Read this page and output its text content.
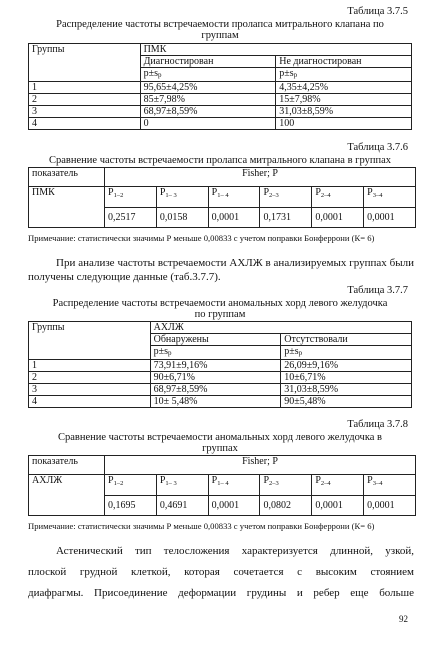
Таблица 3.7.5
Распределение частоты встречаемости пролапса митрального клапана по
группам
Группы	ПМК	
	Диагностирован	Не диагностирован
	p±sp	p±sp
1	95,65±4,25%	4,35±4,25%
2	85±7,98%	15±7,98%
3	68,97±8,59%	31,03±8,59%
4	0	100
Таблица 3.7.6
Сравнение частоты встречаемости пролапса митрального клапана в группах
показатель	Fisher; P					
ПМК	$P_{1-2}$	$P_{1- 3}$	$P_{1- 4}$	$P_{2-3}$	$P_{2-4}$	$P_{3-4}$
	0,2517	0,0158	0,0001	0,1731	0,0001	0,0001
Примечание: статистически значимы Р меньше 0,00833 с учетом поправки Бонферрони (К= 6)
При анализе частоты встречаемости АХЛЖ в анализируемых группах были получены следующие данные (таб.3.7.7).
Таблица 3.7.7
Распределение частоты встречаемости аномальных хорд левого желудочка
по группам
Группы	АХЛЖ	
	Обнаружены	Отсутствовали
	p±sp	p±sp
1	73,91±9,16%	26,09±9,16%
2	90±6,71%	10±6,71%
3	68,97±8,59%	31,03±8,59%
4	10± 5,48%	90±5,48%
Таблица 3.7.8
Сравнение частоты встречаемости аномальных хорд левого желудочка в
группах
показатель	Fisher; P					
АХЛЖ	$P_{1-2}$	$P_{1- 3}$	$P_{1- 4}$	$P_{2-3}$	$P_{2-4}$	$P_{3-4}$
	0,1695	0,4691	0,0001	0,0802	0,0001	0,0001
Примечание: статистически значимы Р меньше 0,00833 с учетом поправки Бонферрони (К= 6)
Астенический тип телосложения характеризуется длинной, узкой,
плоской грудной клеткой, которая сочетается с высоким стоянием
диафрагмы. Присоединение деформации грудины и ребер еще больше
92
